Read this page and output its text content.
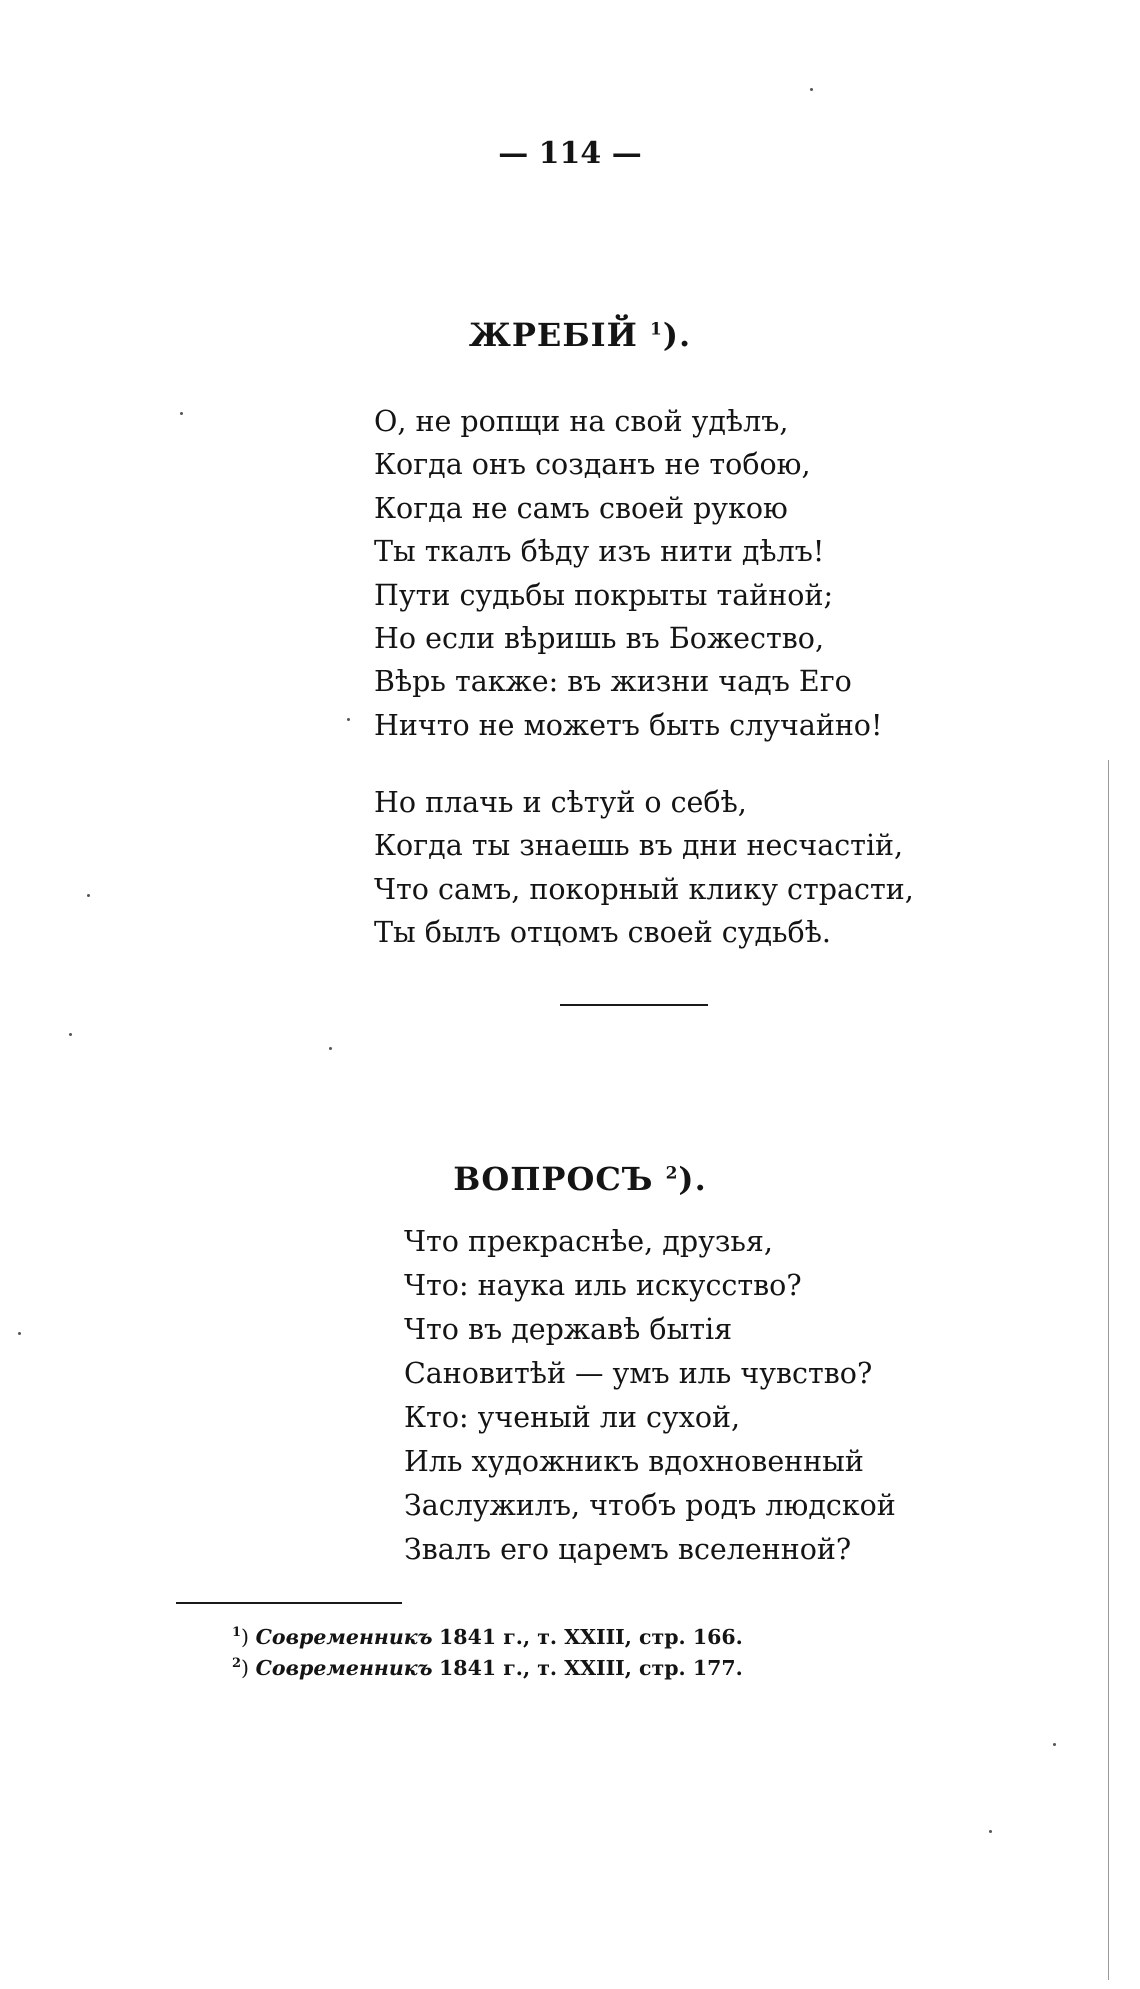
— 114 —
ЖРЕБІЙ $^1$).
О, не ропщи на свой удѣлъ,
Когда онъ созданъ не тобою,
Когда не самъ своей рукою
Ты ткалъ бѣду изъ нити дѣлъ!
Пути судьбы покрыты тайной;
Но если вѣришь въ Божество,
Вѣрь также: въ жизни чадъ Его
Ничто не можетъ быть случайно!
Но плачь и сѣтуй о себѣ,
Когда ты знаешь въ дни несчастій,
Что самъ, покорный клику страсти,
Ты былъ отцомъ своей судьбѣ.
ВОПРОСЪ $^2$).
Что прекраснѣе, друзья,
Что: наука иль искусство?
Что въ державѣ бытія
Сановитѣй — умъ иль чувство?
Кто: ученый ли сухой,
Иль художникъ вдохновенный
Заслужилъ, чтобъ родъ людской
Звалъ его царемъ вселенной?
$^1$) Современникъ 1841 г., т. XXIII, стр. 166.
$^2$) Современникъ 1841 г., т. XXIII, стр. 177.
